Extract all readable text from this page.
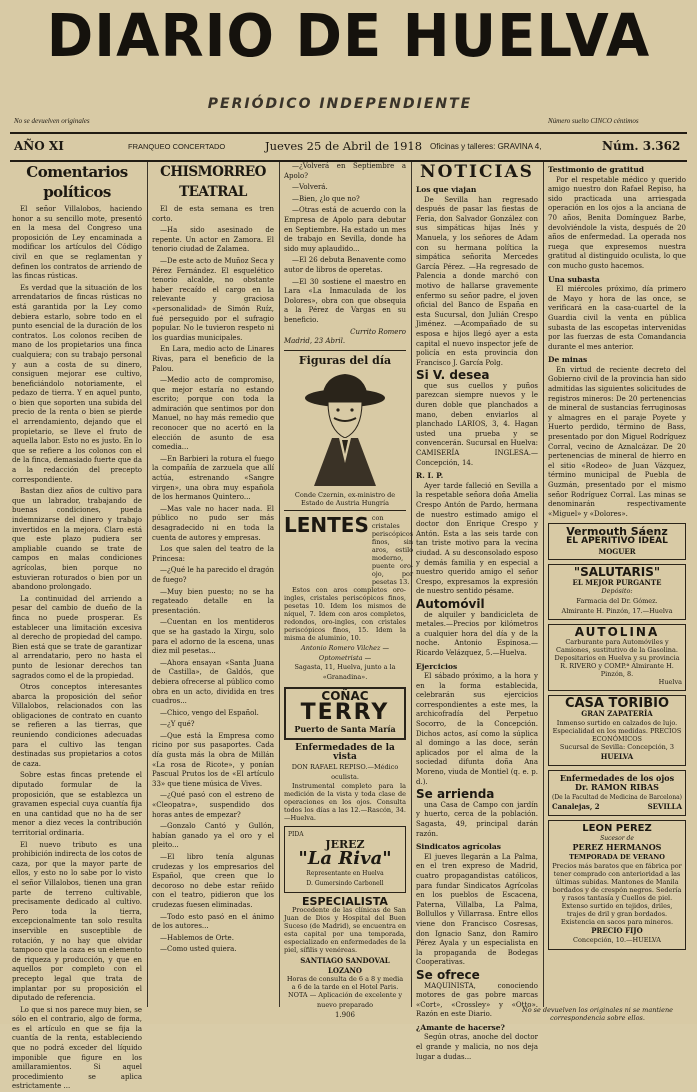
DIARIO DE HUELVA
PERIÓDICO INDEPENDIENTE
No se devuelven originales	Número suelto CINCO céntimos
AÑO XI	FRANQUEO CONCERTADO	Jueves 25 de Abril de 1918 Oficinas y talleres: GRAVINA 4,	Núm. 3.362
Comentarios políticos

El señor Villalobos, haciendo honor a su sencillo mote, presentó en la mesa del Congreso una proposición de Ley encaminada a modificar los artículos del Código civil en que se reglamentan y definen los contratos de arriendo de las fincas rústicas.

Es verdad que la situación de los arrendatarios de fincas rústicas no está garantida por la Ley como debiera estarlo, sobre todo en el punto esencial de la duración de los contratos. Los colonos reciben de mano de los propietarios una finca cualquiera; con su trabajo personal y aun a costa de su dinero, consiguen mejorar ese cultivo, beneficiándolo notoriamente, el pedazo de tierra. Y en aquel punto, o bien que soporten una subida del precio de la renta o bien se pierde el arrendamiento, dejando que el propietario, se lleve el fruto de aquella labor. Esto no es justo. En lo que se refiere a los colonos con el de la finca, demasiado fuerte que da a la redacción del precepto correspondiente.

Bastan diez años de cultivo para que un labrador, trabajando de buenas condiciones, pueda indemnizarse del dinero y trabajo invertidos en la mejora. Claro está que este plazo pudiera ser ampliable cuando se trate de campos en malas condiciones agrícolas, bien porque no estuvieran roturados o bien por un abandono prolongado.

La continuidad del arriendo a pesar del cambio de dueño de la finca no puede prosperar. Es establecer una limitación excesiva al derecho de propiedad del campo. Bien está que se trate de garantizar al arrendatario, pero no hasta el punto de lesionar derechos tan sagrados como el de la propiedad.

Otros conceptos interesantes abarca la proposición del señor Villalobos, relacionados con las obligaciones de contrato en cuanto se refieren a las tierras, que reuniendo condiciones adecuadas para el cultivo las tengan destinadas sus propietarios a cotos de caza.

Sobre estas fincas pretende el diputado formular de la proposición, que se establezca un gravamen especial cuya cuantía fija en una cantidad que no ha de ser menor a diez veces la contribución territorial ordinaria.

El nuevo tributo es una prohibición indirecta de los cotos de caza, por que la mayor parte de ellos, y esto no lo sabe por lo visto el señor Villalobos, tienen una gran parte de terreno cultivable, precisamente dedicado al cultivo. Pero toda la tierra, excepcionalmente tan solo resulta inservible en susceptible de rotación, y no hay que olvidar tampoco que la caza es un elemento de riqueza y producción, y que en aquellos por completo con el precepto legal que trata de implantar por su proposición el diputado de referencia.

Lo que si nos parece muy bien, se sólo en el contrario, algo de forma, es el artículo en que se fija la cuantía de la renta, estableciendo que no podrá exceder del líquido imponible que figure en los amillaramientos. Si aquel procedimiento se aplica estrictamente ...

CHISMORREO TEATRAL

El de esta semana es tren corto.

—Ha sido asesinado de repente. Un actor en Zamora. El tenorio ciudad de Zalamea.

—De este acto de Muñoz Seca y Pérez Fernández. El esquelético tenorio alcalde, no obstante haber recaído el cargo en la relevante y graciosa «personalidad» de Simón Ruíz, fué perseguido por el sufragio popular. No le tuvieron respeto ni los guardias municipales.

En Lara, medio acto de Linares Rivas, para el beneficio de la Palou.

—Medio acto de compromiso, que mejor estaría no estando escrito; porque con toda la admiración que sentimos por don Manuel, no hay más remedio que reconocer que no acertó en la elección de asunto de esa comedia...

—En Barbieri la rotura el fuego la compañía de zarzuela que allí actúa, estrenando «Sangre virgen», una obra muy española de los hermanos Quintero...

—Mas vale no hacer nada. El público no pudo ser más desagradecido ni en toda la cuenta de autores y empresas.

Los que salen del teatro de la Princesa:

—¿Qué le ha parecido el dragón de fuego?

—Muy bien puesto; no se ha regateado detalle en la presentación.

—Cuentan en los mentideros que se ha gastado la Xirgu, solo para el adorno de la escena, unas diez mil pesetas...

—Ahora ensayan «Santa Juana de Castilla», de Galdós, que debiera ofrecerse al público como obra en un acto, dividida en tres cuadros...

—Chico, vengo del Español.

—¿Y qué?

—Que está la Empresa como ricino por sus pasaportes. Cada día gusta más la obra de Millán «La rosa de Ricote», y ponían Pascual Prutos los de «El artículo 33» que tiene música de Vives.

—¿Qué pasó con el estreno de «Cleopatra», suspendido dos horas antes de empezar?

—Gonzalo Cantó y Gullón, habían ganado ya el oro y el pleito...

—El libro tenía algunas crudezas y los empresarios del Español, que creen que lo decoroso no debe estar reñido con el teatro, pidieron que los crudezas fuesen eliminadas.

—Todo esto pasó en el ánimo de los autores...

—Hablemos de Orte.

—Como usted quiera.

—¿Volverá en Septiembre a Apolo?

—Volverá.

—Bien, ¿lo que no?

—Otras está de acuerdo con la Empresa de Apolo para debutar en Septiembre. Ha estado un mes de trabajo en Sevilla, donde ha sido muy aplaudido...

—El 26 debuta Benavente como autor de libros de operetas.

—El 30 sostiene el maestro en Lara «La Inmaculada de los Dolores», obra con que obsequia a la Pérez de Vargas en su beneficio.

Currito Romero
Madrid, 23 Abril.
Figuras del día
Conde Czernin, ex-ministro de Estado de Austria Hungría
LENTES con cristales periscópicos finos, sin aros, estilo moderno, puente oro-ojo, por pesetas 13.

Estos con aros completos oro-ingles, cristales periscópicos finos, pesetas 10. Idem los mismos de níquel, 7. Idem con aros completos, redondos, oro-ingles, con cristales periscópicos finos, 15. Idem la misma de aluminio, 10.

Antonio Romero Vilchez — Optometrista —
Sagasta, 11, Huelva, junto a la «Granadina».
COÑAC
TERRY
Puerto de Santa María
Enfermedades de la vista
DON RAFAEL REPISO.—Médico oculista.

Instrumental completo para la medición de la vista y toda clase de operaciones en los ojos. Consulta todos los días a las 12.—Rascón, 34.—Huelva.

PIDA
JEREZ
"La Riva"
Representante en Huelva
D. Gumersindo Carbonell
ESPECIALISTA

Procedente de las clínicas de San Juan de Dios y Hospital del Buen Suceso (de Madrid), se encuentra en esta capital por una temporada, especializado en enfermedades de la piel, sífilis y venéreas.

SANTIAGO SANDOVAL LOZANO
Horas de consulta de 6 a 8 y media a 6 de la tarde en el Hotel Paris.
NOTA — Aplicación de excelente y nuevo preparado
1.906
NOTICIAS
Los que viajan

De Sevilla han regresado después de pasar las fiestas de Feria, don Salvador González con sus simpáticas hijas Inés y Manuela, y los señores de Adam con su hermana política la simpática señorita Mercedes García Pérez. —Ha regresado de Palencia a donde marchó con motivo de hallarse gravemente enfermo su señor padre, el joven oficial del Banco de España en esta Sucursal, don Julián Crespo Jiménez. —Acompañado de su esposa e hijos llegó ayer a esta capital el nuevo inspector jefe de policía en esta provincia don Francisco J. García Polg.

Si V. desea

que sus cuellos y puños parezcan siempre nuevos y le duren doble que planchados a mano, deben enviarlos al planchado LARIOS, 3, 4. Hagan usted una prueba y se convencerán. Sucursal en Huelva: CAMISERÍA INGLESA.—Concepción, 14.

R. I. P.

Ayer tarde falleció en Sevilla a la respetable señora doña Amelia Crespo Antón de Pardo, hermana de nuestro estimado amigo el doctor don Enrique Crespo y Antón. Esta a las seis tarde con tan triste motivo para la vecina ciudad. A su desconsolado esposo y demás familia y en especial a nuestro querido amigo el señor Crespo, expresamos la expresión de nuestro sentido pésame.

Automóvil

de alquiler y bandicicleta de metales.—Precios por kilómetros a cualquier hora del día y de la noche. Antonio Espinosa.—Ricardo Velázquez, 5.—Huelva.

Ejercicios

El sábado próximo, a la hora y en la forma establecida, celebrarán sus ejercicios correspondientes a este mes, la archicofradía del Perpetuo Socorro, de la Concepción. Dichos actos, así como la súplica al domingo a las doce, serán aplicados por el alma de la sociedad difunta doña Ana Moreno, viuda de Montiel (q. e. p. d.).

Se arrienda

una Casa de Campo con jardín y huerto, cerca de la población. Sagasta, 49, principal darán razón.

Sindicatos agrícolas

El jueves llegarán a La Palma, en el tren expreso de Madrid, cuatro propagandistas católicos, para fundar Sindicatos Agrícolas en los pueblos de Escacena, Paterna, Villalba, La Palma, Bollullos y Villarrasa. Entre ellos viene don Francisco Cosresas, don Ignacio Sanz, don Ramiro Pérez Ayala y un especialista en la propaganda de Bodegas Cooperativas.

Se ofrece

MAQUINISTA, conociendo motores de gas pobre marcas «Cort», «Crossley» y «Otto». Razón en este Diario.

¿Amante de hacerse?

Según otras, anoche del doctor el grande y malicia, no nos deja lugar a dudas...

Testimonio de gratitud

Por el respetable médico y querido amigo nuestro don Rafael Repiso, ha sido practicada una arriesgada operación en los ojos a la anciana de 70 años, Benita Domínguez Barbe, devolviéndole la vista, después de 20 años de enfermedad. La operada nos ruega que expresemos nuestra gratitud al distinguido oculista, lo que con mucho gusto hacemos.

Una subasta

El miércoles próximo, día primero de Mayo y hora de las once, se verificará en la casa-cuartel de la Guardia civil la venta en pública subasta de las escopetas intervenidas por las fuerzas de esta Comandancia durante el mes anterior.

De minas

En virtud de reciente decreto del Gobierno civil de la provincia han sido admitidas las siguientes solicitudes de registros mineros: De 20 pertenencias de mineral de sustancias ferruginosas y almagres en el paraje Poyete y Huerto perdido, término de Bass, presentado por don Miguel Rodríguez Corral, vecino de Aznalcázar. De 20 pertenencias de mineral de hierro en el sitio «Rodeo» de Juan Vázquez, término municipal de Puebla de Guzmán, presentado por el mismo señor Rodríguez Corral. Las minas se denominarán respectivamente «Miguel» y «Dolores».

Vermouth Sáenz
EL APERITIVO IDEAL
MOGUER
"SALUTARIS"
EL MEJOR PURGANTE
Depósito:
Farmacia del Dr. Gómez.
Almirante H. Pinzón, 17.—Huelva
AUTOLINA
Carburante para Automóviles y Camiones, sustitutivo de la Gasolina. Depositarios en Huelva y su provincia R. RIVERO y COMP.ª Almirante H. Pinzón, 8.
Huelva
CASA TORIBIO
GRAN ZAPATERÍA
Inmenso surtido en calzados de lujo. Especialidad en los medidas. PRECIOS ECONÓMICOS
Sucursal de Sevilla: Concepción, 3
HUELVA
Enfermedades de los ojos
Dr. RAMON RIBAS
(De la Facultad de Medicina de Barcelona)
Canalejas, 2	SEVILLA
LEON PEREZ
Sucesor de
PEREZ HERMANOS
TEMPORADA DE VERANO
Precios más baratos que en fábrica por tener comprado con anterioridad a las últimas subidas. Mantones de Manila bordados y de crespón negros. Sedería y rasos tantasía y Cuellos de piel. Extenso surtido en tejidos, driles, trajes de dril y gran bordados. Existencia en sacos para mineros.
PRECIO FIJO
Concepción, 10.—HUELVA
No se devuelven los originales ni se mantiene correspondencia sobre ellos.
